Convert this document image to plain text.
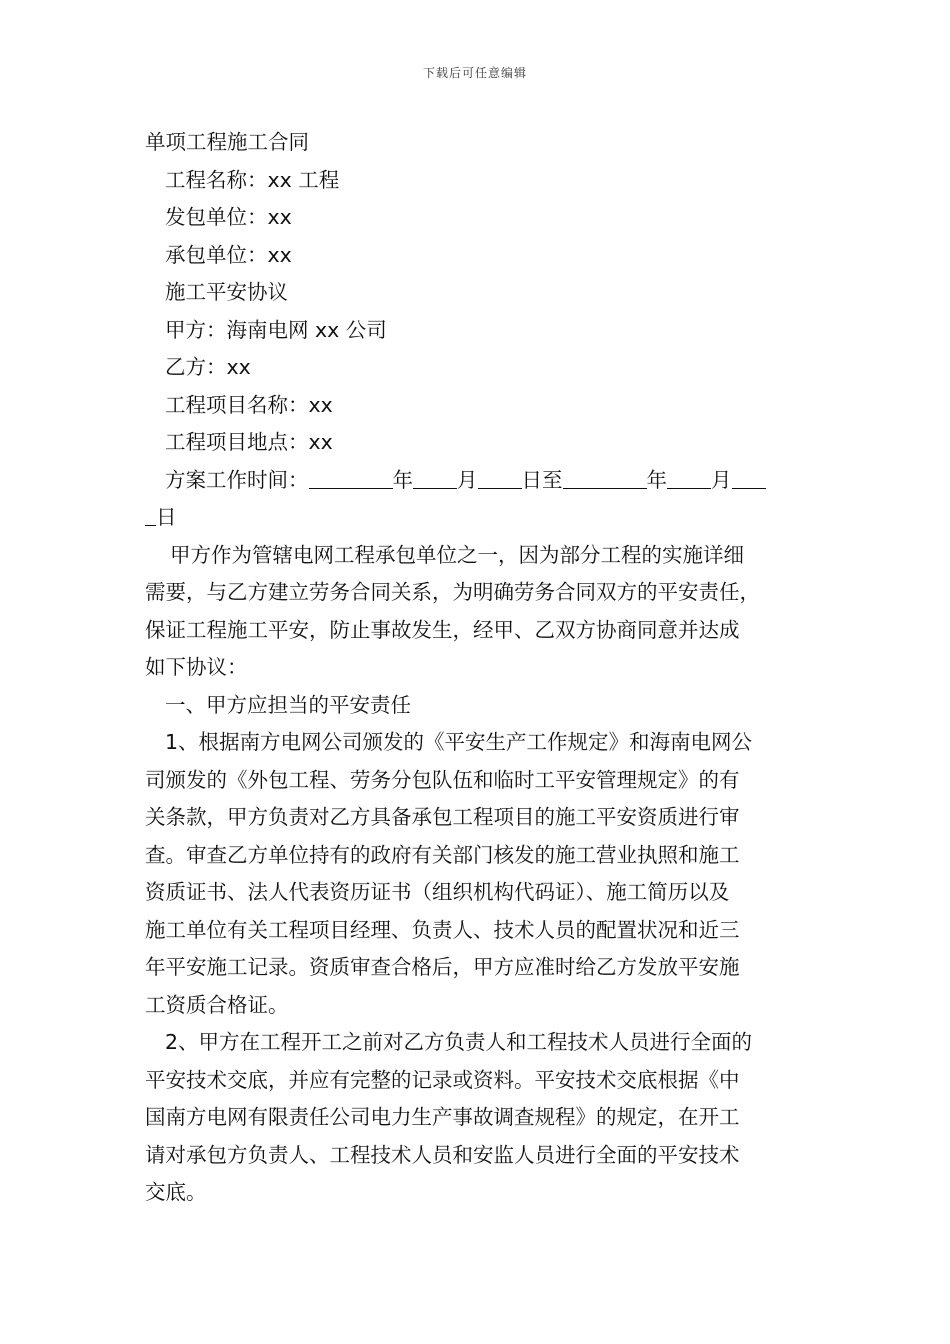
下载后可任意编辑
单项工程施工合同
工程名称：xx 工程
发包单位：xx
承包单位：xx
施工平安协议
甲方：海南电网 xx 公司
乙方：xx
工程项目名称：xx
工程项目地点：xx
方案工作时间：	年 月 日至	年 月
日
甲方作为管辖电网工程承包单位之一，因为部分工程的实施详细
需要，与乙方建立劳务合同关系，为明确劳务合同双方的平安责任，
保证工程施工平安，防止事故发生，经甲、乙双方协商同意并达成
如下协议：
一、甲方应担当的平安责任
1、根据南方电网公司颁发的《平安生产工作规定》和海南电网公
司颁发的《外包工程、劳务分包队伍和临时工平安管理规定》的有
关条款，甲方负责对乙方具备承包工程项目的施工平安资质进行审
查。审查乙方单位持有的政府有关部门核发的施工营业执照和施工
资质证书、法人代表资历证书（组织机构代码证）、施工简历以及
施工单位有关工程项目经理、负责人、技术人员的配置状况和近三
年平安施工记录。资质审查合格后，甲方应准时给乙方发放平安施
工资质合格证。
2、甲方在工程开工之前对乙方负责人和工程技术人员进行全面的
平安技术交底，并应有完整的记录或资料。平安技术交底根据《中
国南方电网有限责任公司电力生产事故调查规程》的规定，在开工
请对承包方负责人、工程技术人员和安监人员进行全面的平安技术
交底。
